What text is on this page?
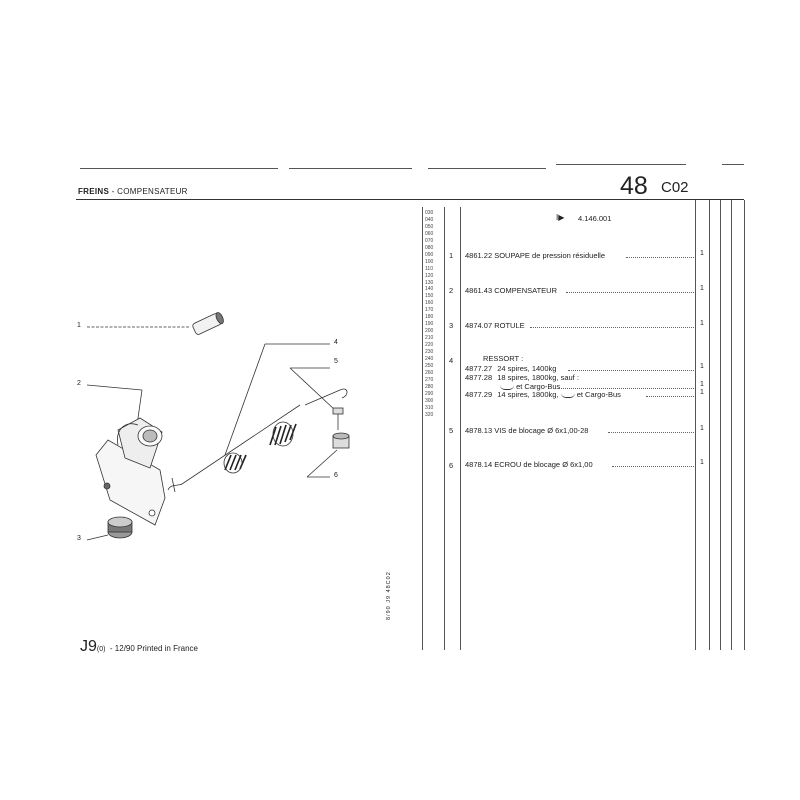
FREINS - COMPENSATEUR	48 C02
030
040
050
060
070
080
090
100
110
120
130
140
150
160
170
180
190
200
210
220
230
240
250
260
270
280
290
300
310
320
I▶ 4.146.001
1 4861.22 SOUPAPE de pression résiduelle	1
2 4861.43 COMPENSATEUR	1
3 4874.07 ROTULE	1
4	RESSORT :
4877.27 24 spires, 1400kg	1
4877.28 18 spires, 1800kg, sauf :
et Cargo-Bus	1
4877.29 14 spires, 1800kg, et Cargo-Bus	1
5 4878.13 VIS de blocage Ø 6x1,00-28	1
6 4878.14 ECROU de blocage Ø 6x1,00	1
1
2
3
4
5
6
8/90 J9 48C02
J9(0) - 12/90 Printed in France
